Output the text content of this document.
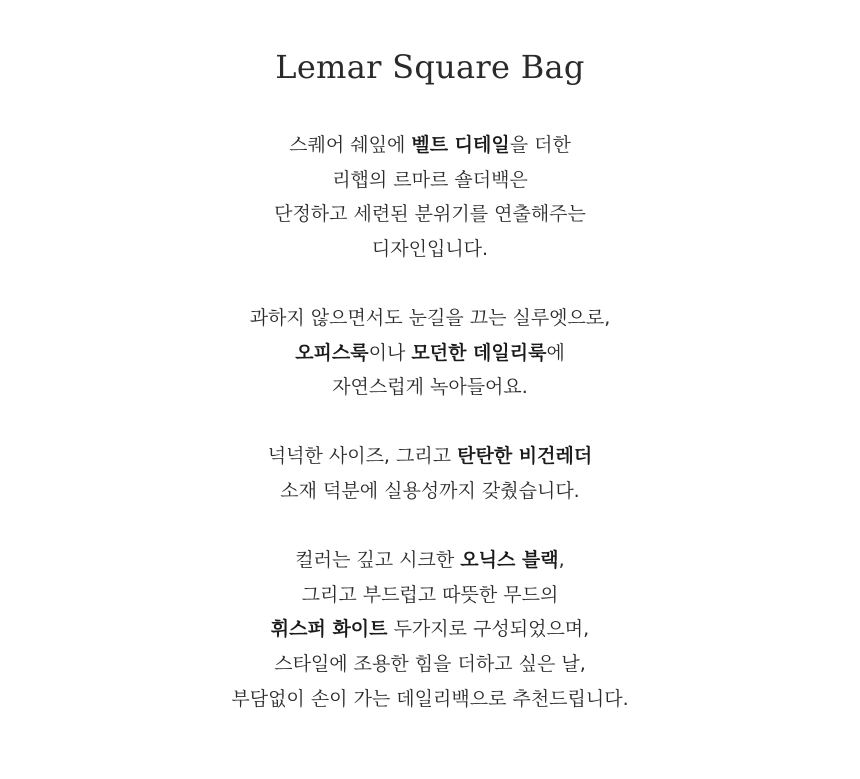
Lemar Square Bag
스퀘어 쉐잎에 벨트 디테일을 더한
리햅의 르마르 숄더백은
단정하고 세련된 분위기를 연출해주는
디자인입니다.
과하지 않으면서도 눈길을 끄는 실루엣으로,
오피스룩이나 모던한 데일리룩에
자연스럽게 녹아들어요.
넉넉한 사이즈, 그리고 탄탄한 비건레더
소재 덕분에 실용성까지 갖췄습니다.
컬러는 깊고 시크한 오닉스 블랙,
그리고 부드럽고 따뜻한 무드의
휘스퍼 화이트 두가지로 구성되었으며,
스타일에 조용한 힘을 더하고 싶은 날,
부담없이 손이 가는 데일리백으로 추천드립니다.
